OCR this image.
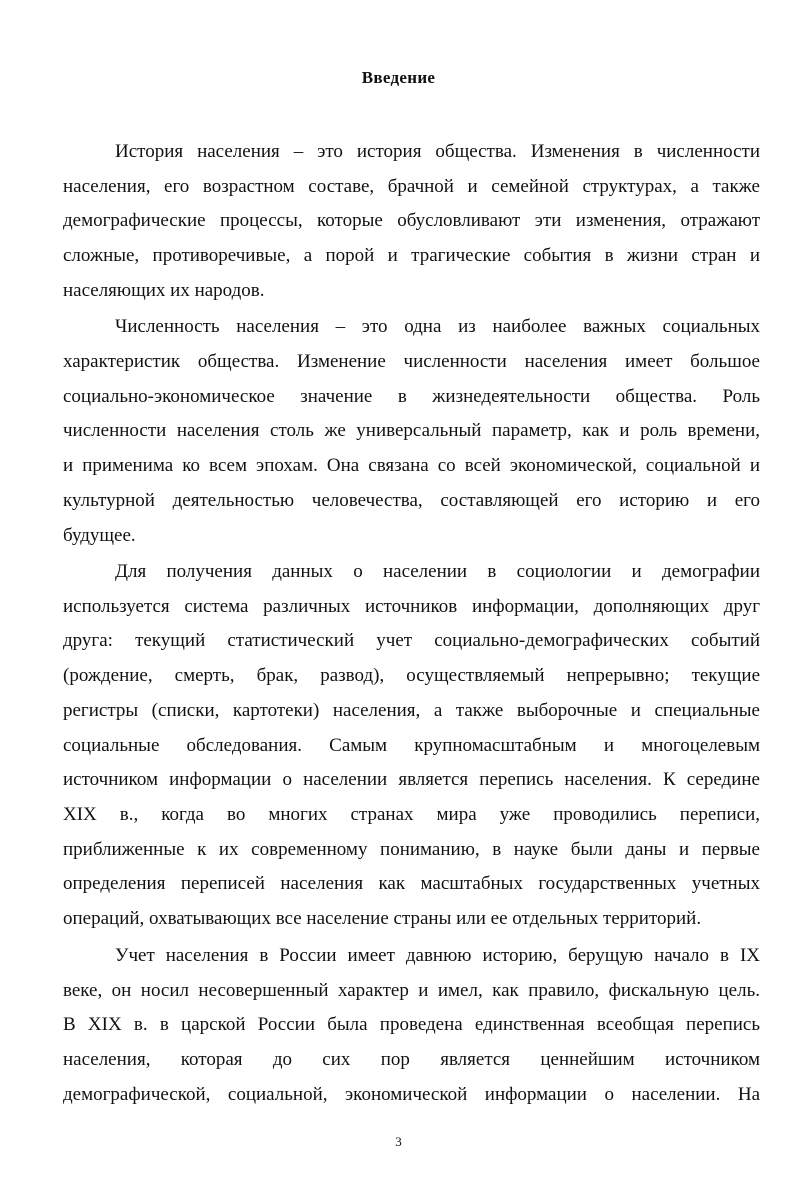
Введение
История населения – это история общества. Изменения в численности
населения, его возрастном составе, брачной и семейной структурах, а также
демографические процессы, которые обусловливают эти изменения, отражают
сложные, противоречивые, а порой и трагические события в жизни стран и
населяющих их народов.
Численность населения – это одна из наиболее важных социальных
характеристик общества. Изменение численности населения имеет большое
социально-экономическое значение в жизнедеятельности общества. Роль
численности населения столь же универсальный параметр, как и роль времени,
и применима ко всем эпохам. Она связана со всей экономической, социальной и
культурной деятельностью человечества, составляющей его историю и его
будущее.
Для получения данных о населении в социологии и демографии
используется система различных источников информации, дополняющих друг
друга: текущий статистический учет социально-демографических событий
(рождение, смерть, брак, развод), осуществляемый непрерывно; текущие
регистры (списки, картотеки) населения, а также выборочные и специальные
социальные обследования. Самым крупномасштабным и многоцелевым
источником информации о населении является перепись населения. К середине
XIX в., когда во многих странах мира уже проводились переписи,
приближенные к их современному пониманию, в науке были даны и первые
определения переписей населения как масштабных государственных учетных
операций, охватывающих все население страны или ее отдельных территорий.
Учет населения в России имеет давнюю историю, берущую начало в IX
веке, он носил несовершенный характер и имел, как правило, фискальную цель.
В XIX в. в царской России была проведена единственная всеобщая перепись
населения, которая до сих пор является ценнейшим источником
демографической, социальной, экономической информации о населении. На
3
